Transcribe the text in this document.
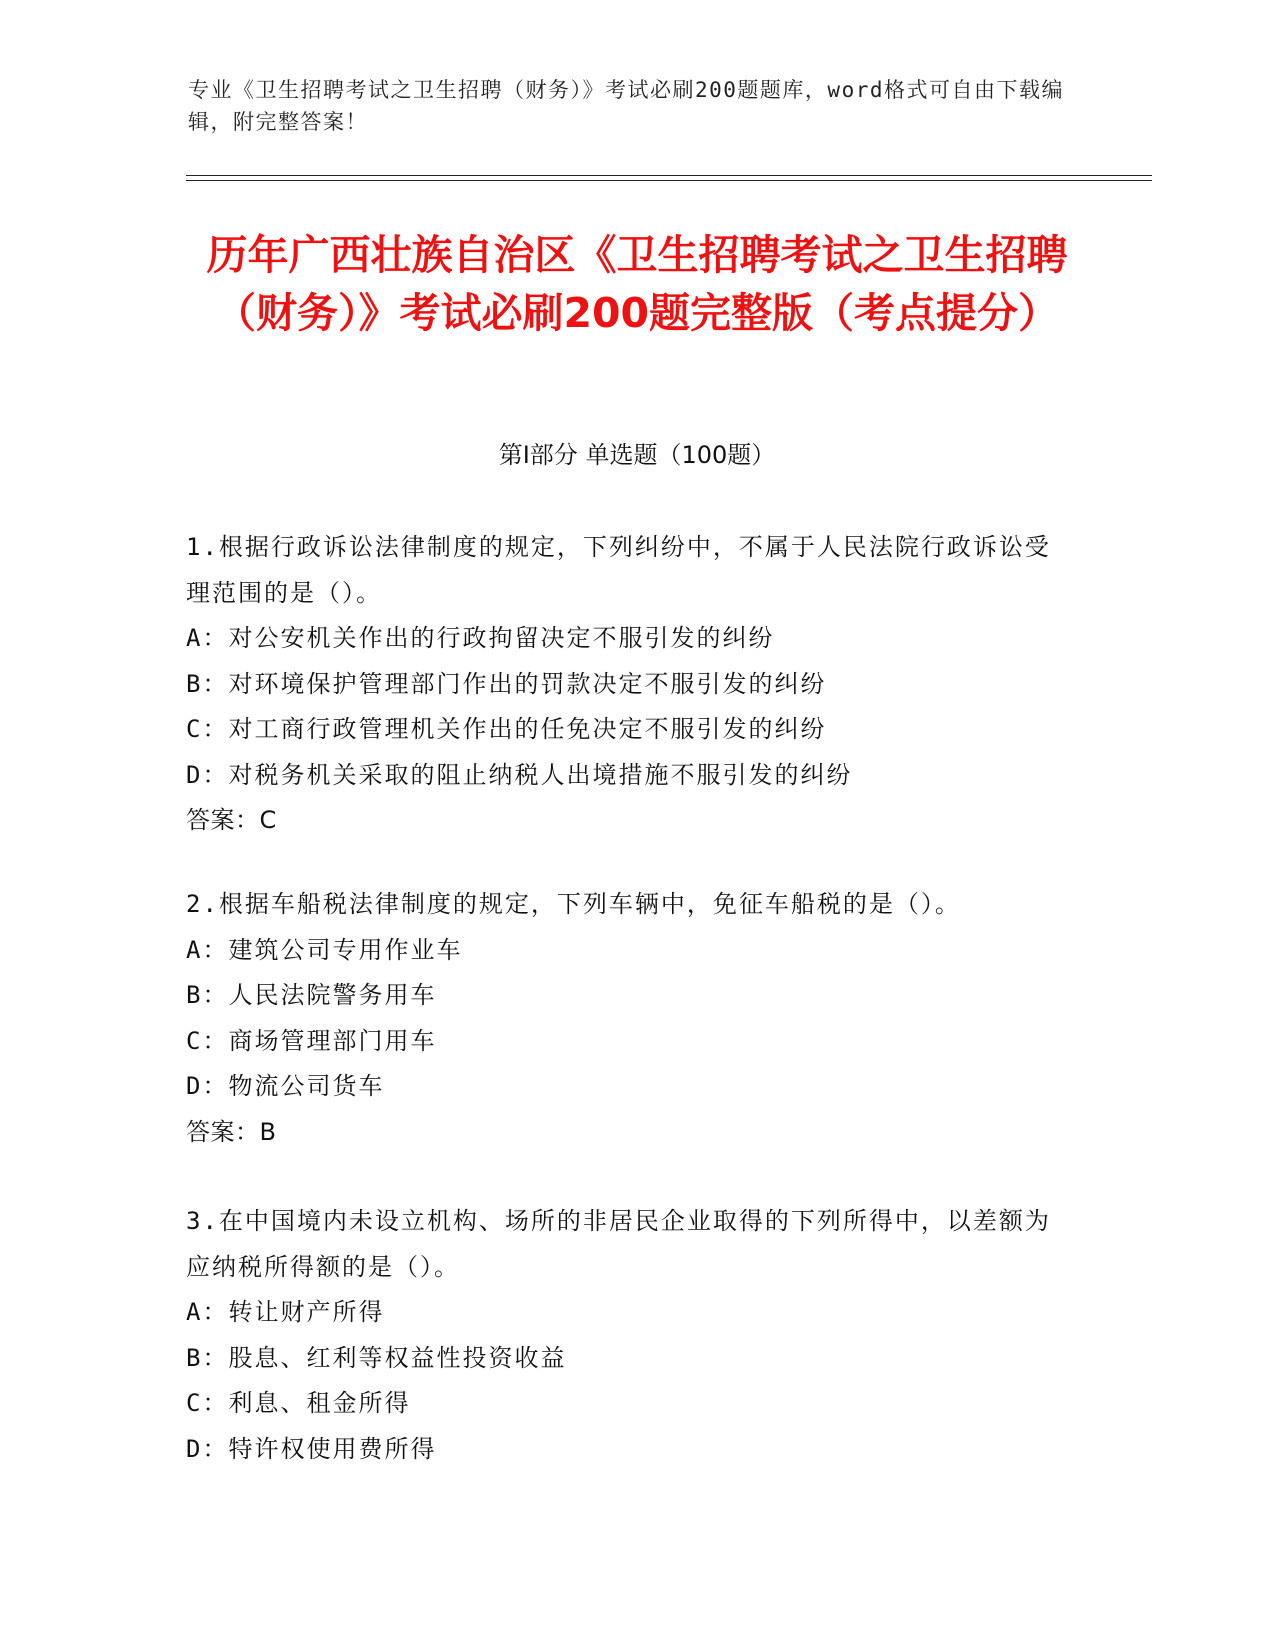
专业《卫生招聘考试之卫生招聘（财务）》考试必刷200题题库，word格式可自由下载编辑，附完整答案！
历年广西壮族自治区《卫生招聘考试之卫生招聘（财务）》考试必刷200题完整版（考点提分）
第Ⅰ部分 单选题（100题）

1.根据行政诉讼法律制度的规定，下列纠纷中，不属于人民法院行政诉讼受理范围的是（）。

A：对公安机关作出的行政拘留决定不服引发的纠纷

B：对环境保护管理部门作出的罚款决定不服引发的纠纷

C：对工商行政管理机关作出的任免决定不服引发的纠纷

D：对税务机关采取的阻止纳税人出境措施不服引发的纠纷

答案：C

2.根据车船税法律制度的规定，下列车辆中，免征车船税的是（）。

A：建筑公司专用作业车

B：人民法院警务用车

C：商场管理部门用车

D：物流公司货车

答案：B

3.在中国境内未设立机构、场所的非居民企业取得的下列所得中，以差额为应纳税所得额的是（）。

A：转让财产所得

B：股息、红利等权益性投资收益

C：利息、租金所得

D：特许权使用费所得
